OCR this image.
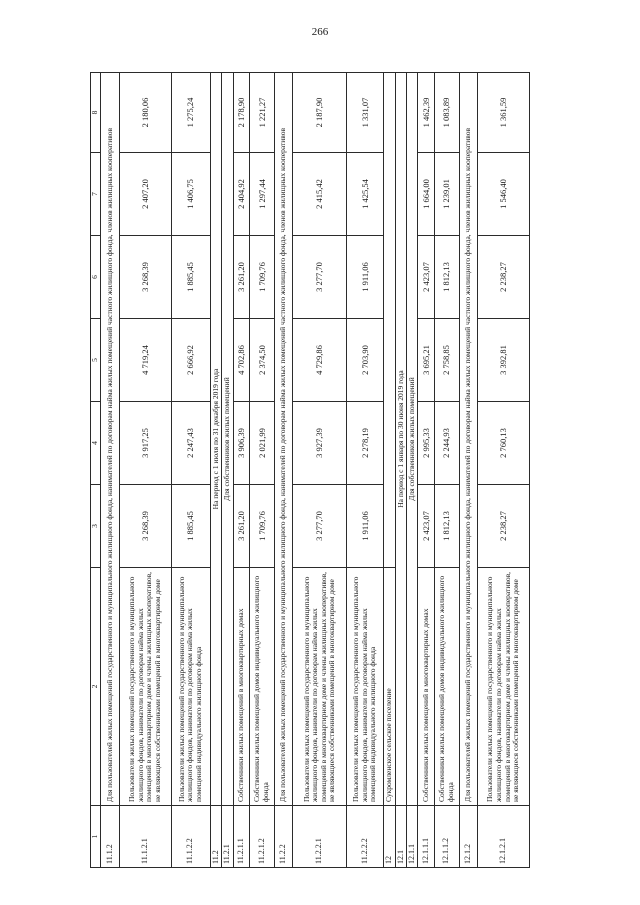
266
1	2	3	4	5	6	7	8
11.1.2	Для пользователей жилых помещений государственного и муниципального жилищного фонда, нанимателей по договорам найма жилых помещений частного жилищного фонда, членов жилищных кооперативов						
11.1.2.1	Пользователи жилых помещений государственного и муниципального жилищного фондов, наниматели по договорам найма жилых помещений в многоквартирном доме и члены жилищных кооперативов, не являющиеся собственниками помещений в многоквартирном доме	3 268,39	3 917,25	4 719,24	3 268,39	2 407,20	2 180,06
11.1.2.2	Пользователи жилых помещений государственного и муниципального жилищного фондов, наниматели по договорам найма жилых помещений индивидуального жилищного фонда	1 885,45	2 247,43	2 666,92	1 885,45	1 406,75	1 275,24
11.2	На период с 1 июля по 31 декабря 2019 года						
11.2.1	Для собственников жилых помещений						
11.2.1.1	Собственники жилых помещений в многоквартирных домах	3 261,20	3 906,39	4 702,86	3 261,20	2 404,92	2 178,90
11.2.1.2	Собственники жилых помещений домов индивидуального жилищного фонда	1 709,76	2 021,99	2 374,50	1 709,76	1 297,44	1 221,27
11.2.2	Для пользователей жилых помещений государственного и муниципального жилищного фонда, нанимателей по договорам найма жилых помещений частного жилищного фонда, членов жилищных кооперативов						
11.2.2.1	Пользователи жилых помещений государственного и муниципального жилищного фондов, наниматели по договорам найма жилых помещений в многоквартирном доме и члены жилищных кооперативов, не являющиеся собственниками помещений в многоквартирном доме	3 277,70	3 927,39	4 729,86	3 277,70	2 415,42	2 187,90
11.2.2.2	Пользователи жилых помещений государственного и муниципального жилищного фондов, наниматели по договорам найма жилых помещений индивидуального жилищного фонда	1 911,06	2 278,19	2 703,90	1 911,06	1 425,54	1 331,07
12	Сукромленское сельское поселение						
12.1	На период с 1 января по 30 июня 2019 года						
12.1.1	Для собственников жилых помещений						
12.1.1.1	Собственники жилых помещений в многоквартирных домах	2 423,07	2 995,33	3 695,21	2 423,07	1 664,00	1 462,39
12.1.1.2	Собственники жилых помещений домов индивидуального жилищного фонда	1 812,13	2 244,93	2 758,85	1 812,13	1 239,01	1 083,89
12.1.2	Для пользователей жилых помещений государственного и муниципального жилищного фонда, нанимателей по договорам найма жилых помещений частного жилищного фонда, членов жилищных кооперативов						
12.1.2.1	Пользователи жилых помещений государственного и муниципального жилищного фондов, наниматели по договорам найма жилых помещений в многоквартирном доме и члены жилищных кооперативов, не являющиеся собственниками помещений в многоквартирном доме	2 238,27	2 760,13	3 392,81	2 238,27	1 546,40	1 361,59
